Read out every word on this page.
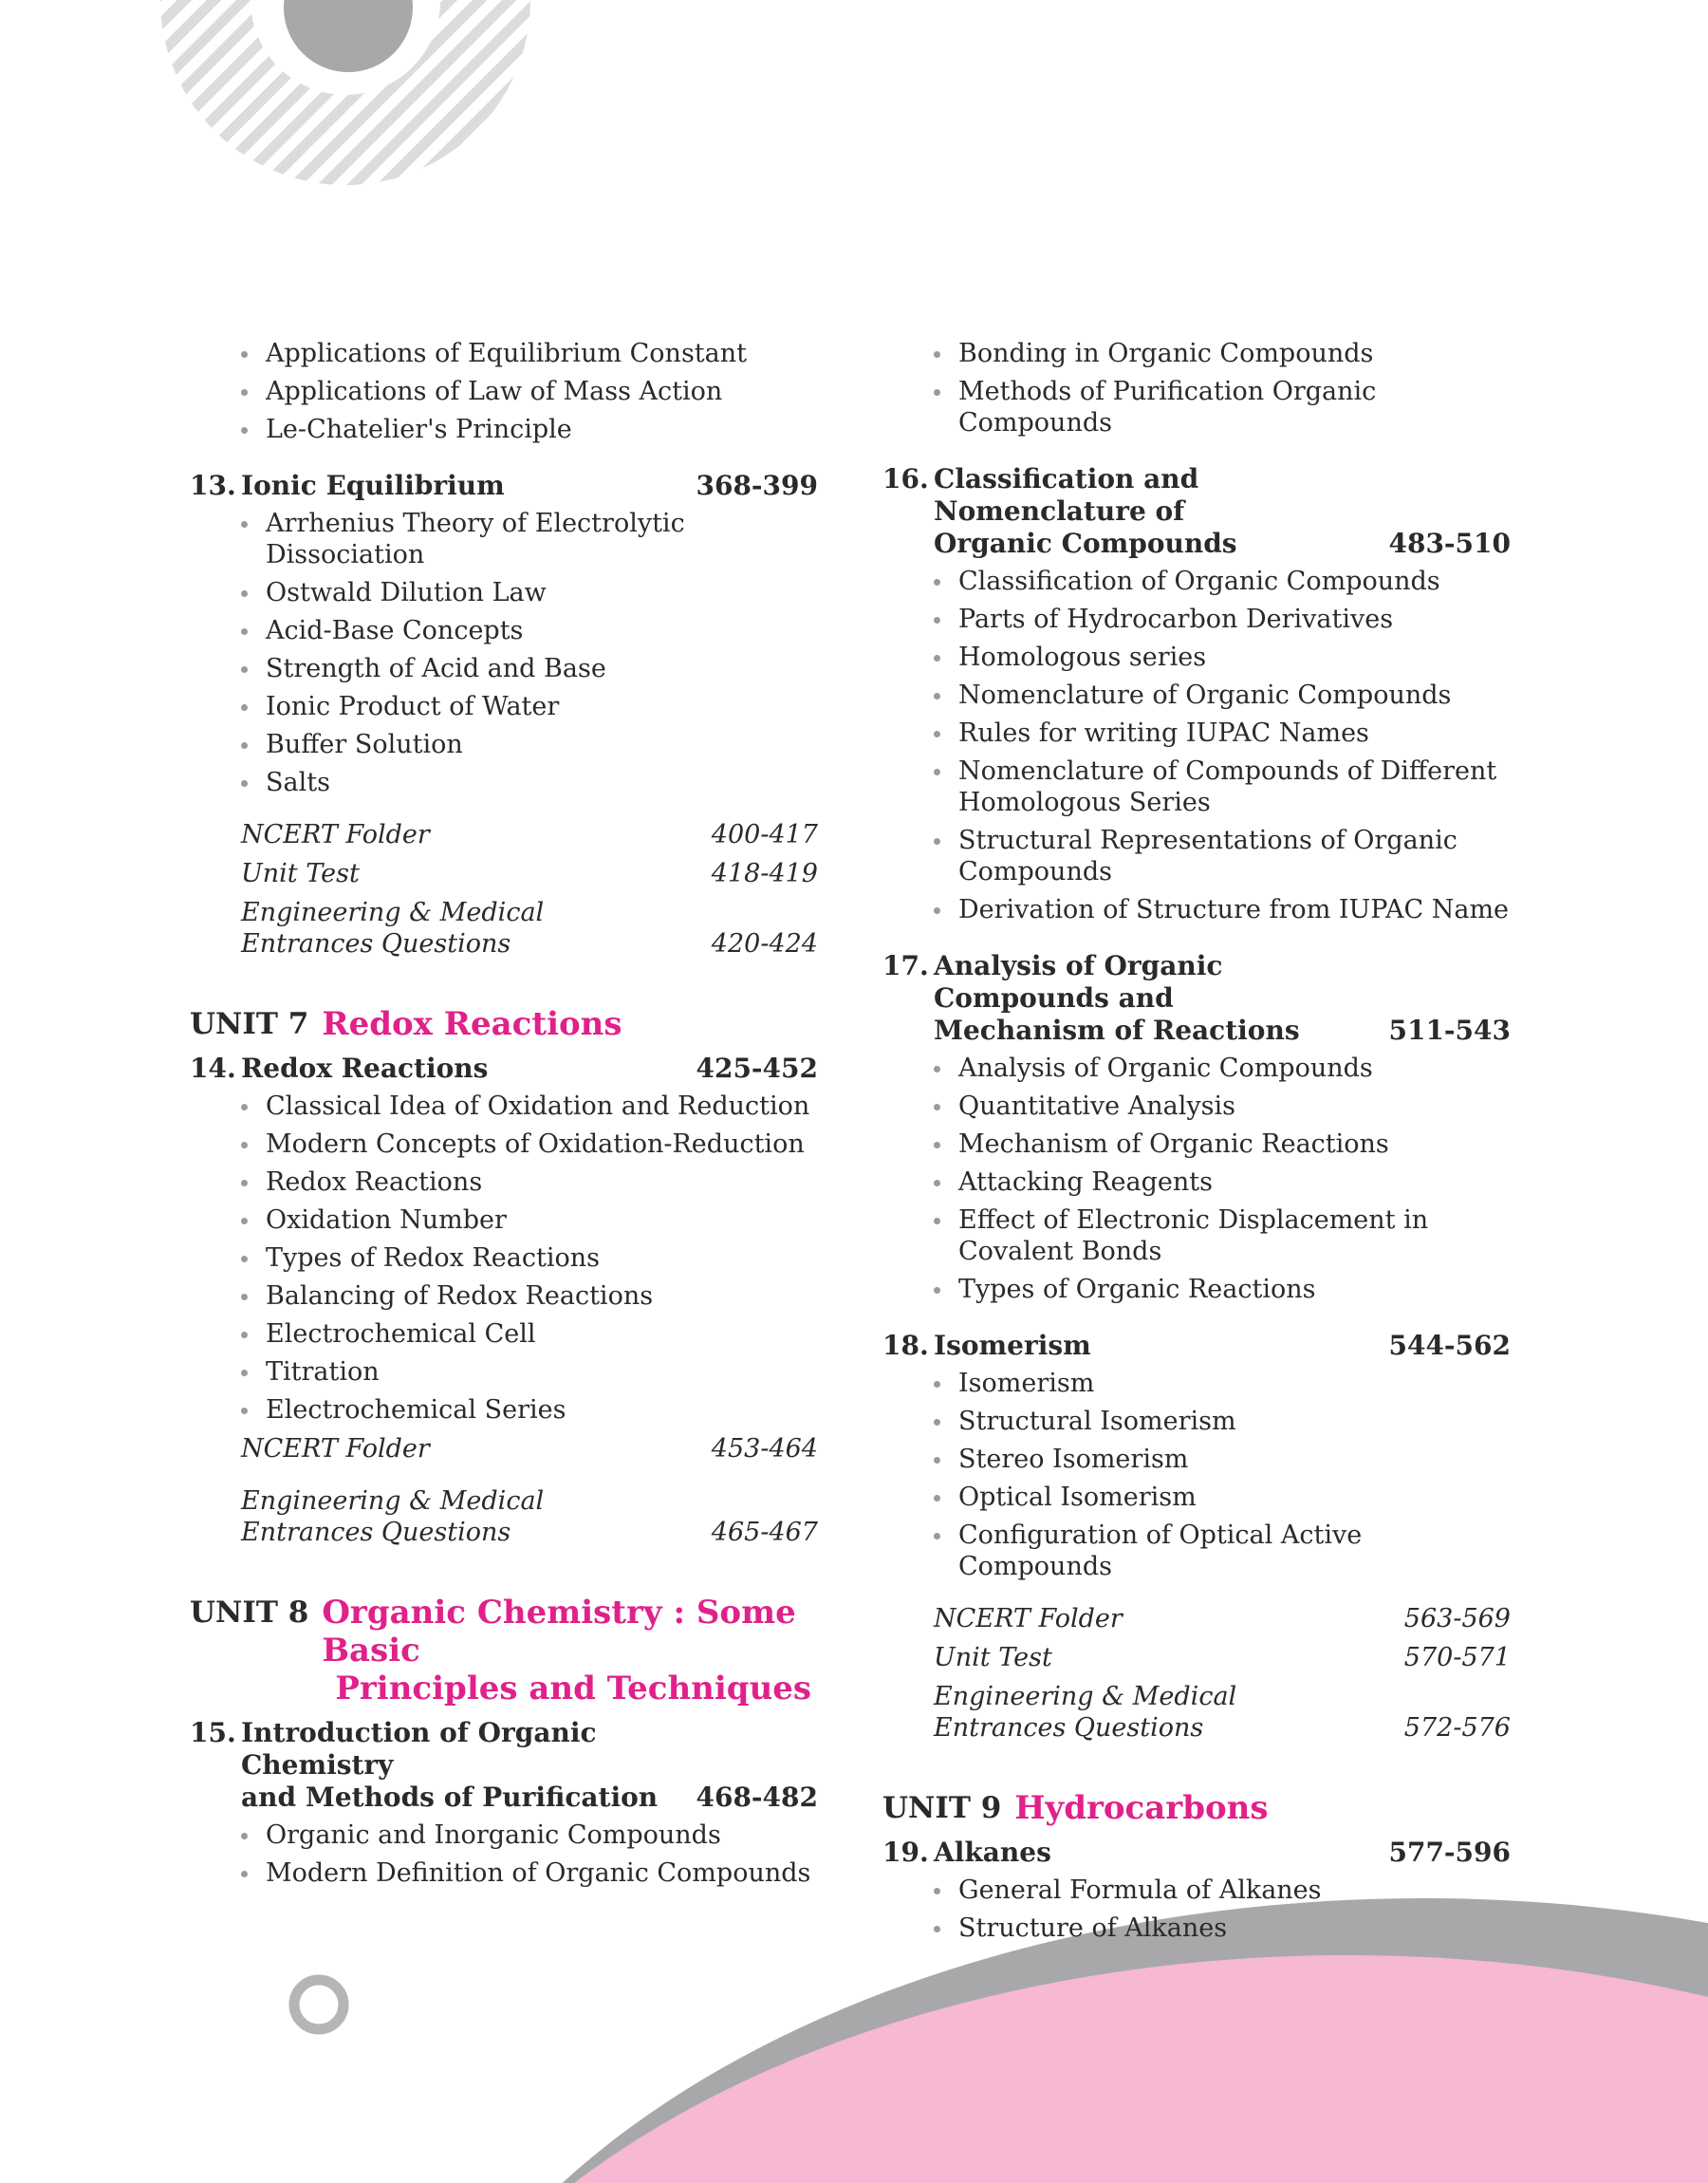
Applications of Equilibrium Constant
Applications of Law of Mass Action
Le-Chatelier's Principle
13. Ionic Equilibrium	368-399
Arrhenius Theory of Electrolytic Dissociation
Ostwald Dilution Law
Acid-Base Concepts
Strength of Acid and Base
Ionic Product of Water
Buffer Solution
Salts
NCERT Folder	400-417
Unit Test	418-419
Engineering & Medical
Entrances Questions	420-424
UNIT 7 Redox Reactions
14. Redox Reactions	425-452
Classical Idea of Oxidation and Reduction
Modern Concepts of Oxidation-Reduction
Redox Reactions
Oxidation Number
Types of Redox Reactions
Balancing of Redox Reactions
Electrochemical Cell
Titration
Electrochemical Series
NCERT Folder	453-464
Engineering & Medical
Entrances Questions	465-467
UNIT 8 Organic Chemistry : Some Basic
Principles and Techniques
15. Introduction of Organic Chemistry
and Methods of Purification	468-482
Organic and Inorganic Compounds
Modern Definition of Organic Compounds
Bonding in Organic Compounds
Methods of Purification Organic Compounds
16. Classification and Nomenclature of
Organic Compounds	483-510
Classification of Organic Compounds
Parts of Hydrocarbon Derivatives
Homologous series
Nomenclature of Organic Compounds
Rules for writing IUPAC Names
Nomenclature of Compounds of Different Homologous Series
Structural Representations of Organic Compounds
Derivation of Structure from IUPAC Name
17. Analysis of Organic Compounds and
Mechanism of Reactions	511-543
Analysis of Organic Compounds
Quantitative Analysis
Mechanism of Organic Reactions
Attacking Reagents
Effect of Electronic Displacement in Covalent Bonds
Types of Organic Reactions
18. Isomerism	544-562
Isomerism
Structural Isomerism
Stereo Isomerism
Optical Isomerism
Configuration of Optical Active Compounds
NCERT Folder	563-569
Unit Test	570-571
Engineering & Medical
Entrances Questions	572-576
UNIT 9 Hydrocarbons
19. Alkanes	577-596
General Formula of Alkanes
Structure of Alkanes
